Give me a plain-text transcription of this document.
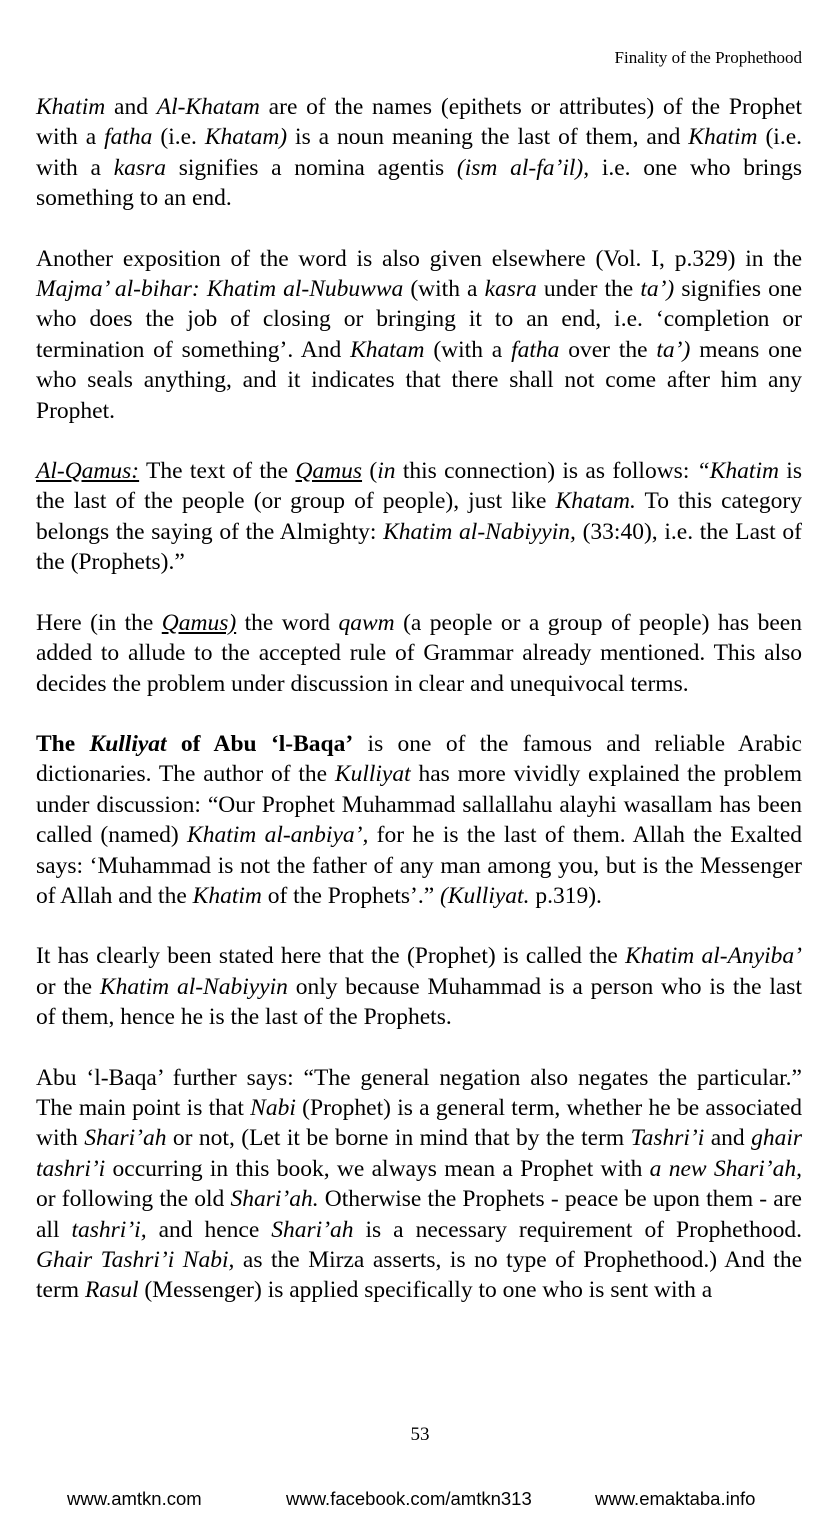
Finality of the Prophethood

Khatim and Al-Khatam are of the names (epithets or attributes) of the Prophet with a fatha (i.e. Khatam) is a noun meaning the last of them, and Khatim (i.e. with a kasra signifies a nomina agentis (ism al-fa’il), i.e. one who brings something to an end.

Another exposition of the word is also given elsewhere (Vol. I, p.329) in the Majma’ al-bihar: Khatim al-Nubuwwa (with a kasra under the ta’) signifies one who does the job of closing or bringing it to an end, i.e. ‘completion or termination of something’. And Khatam (with a fatha over the ta’) means one who seals anything, and it indicates that there shall not come after him any Prophet.

Al-Qamus: The text of the Qamus (in this connection) is as follows: “Khatim is the last of the people (or group of people), just like Khatam. To this category belongs the saying of the Almighty: Khatim al-Nabiyyin, (33:40), i.e. the Last of the (Prophets).”

Here (in the Qamus) the word qawm (a people or a group of people) has been added to allude to the accepted rule of Grammar already mentioned. This also decides the problem under discussion in clear and unequivocal terms.

The Kulliyat of Abu ‘l-Baqa’ is one of the famous and reliable Arabic dictionaries. The author of the Kulliyat has more vividly explained the problem under discussion: “Our Prophet Muhammad sallallahu alayhi wasallam has been called (named) Khatim al-anbiya’, for he is the last of them. Allah the Exalted says: ‘Muhammad is not the father of any man among you, but is the Messenger of Allah and the Khatim of the Prophets’.” (Kulliyat. p.319).

It has clearly been stated here that the (Prophet) is called the Khatim al-Anyiba’ or the Khatim al-Nabiyyin only because Muhammad is a person who is the last of them, hence he is the last of the Prophets.

Abu ‘l-Baqa’ further says: “The general negation also negates the particular.” The main point is that Nabi (Prophet) is a general term, whether he be associated with Shari’ah or not, (Let it be borne in mind that by the term Tashri’i and ghair tashri’i occurring in this book, we always mean a Prophet with a new Shari’ah, or following the old Shari’ah. Otherwise the Prophets - peace be upon them - are all tashri’i, and hence Shari’ah is a necessary requirement of Prophethood. Ghair Tashri’i Nabi, as the Mirza asserts, is no type of Prophethood.) And the term Rasul (Messenger) is applied specifically to one who is sent with a

53
www.amtkn.com	www.facebook.com/amtkn313	www.emaktaba.info
